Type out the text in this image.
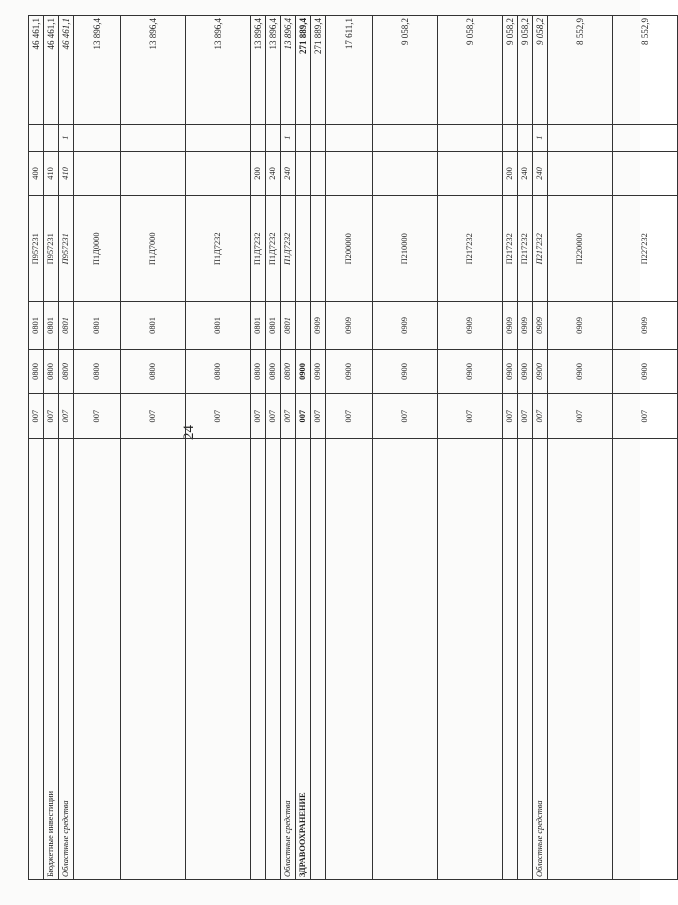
24
	007	0800	0801	П957231	400		46 461,1
Бюджетные инвестиции	007	0800	0801	П957231	410		46 461,1
Областные средства	007	0800	0801	П957231	410	1	46 461,1
	007	0800	0801	П1Д0000			13 896,4
	007	0800	0801	П1Д7000			13 896,4
	007	0800	0801	П1Д7232			13 896,4
	007	0800	0801	П1Д7232	200		13 896,4
	007	0800	0801	П1Д7232	240		13 896,4
Областные средства	007	0800	0801	П1Д7232	240	1	13 896,4
ЗДРАВООХРАНЕНИЕ	007	0900					271 889,4
	007	0900	0909				271 889,4
	007	0900	0909	П200000			17 611,1
	007	0900	0909	П210000			9 058,2
	007	0900	0909	П217232			9 058,2
	007	0900	0909	П217232	200		9 058,2
	007	0900	0909	П217232	240		9 058,2
Областные средства	007	0900	0909	П217232	240	1	9 058,2
	007	0900	0909	П220000			8 552,9
	007	0900	0909	П227232			8 552,9
